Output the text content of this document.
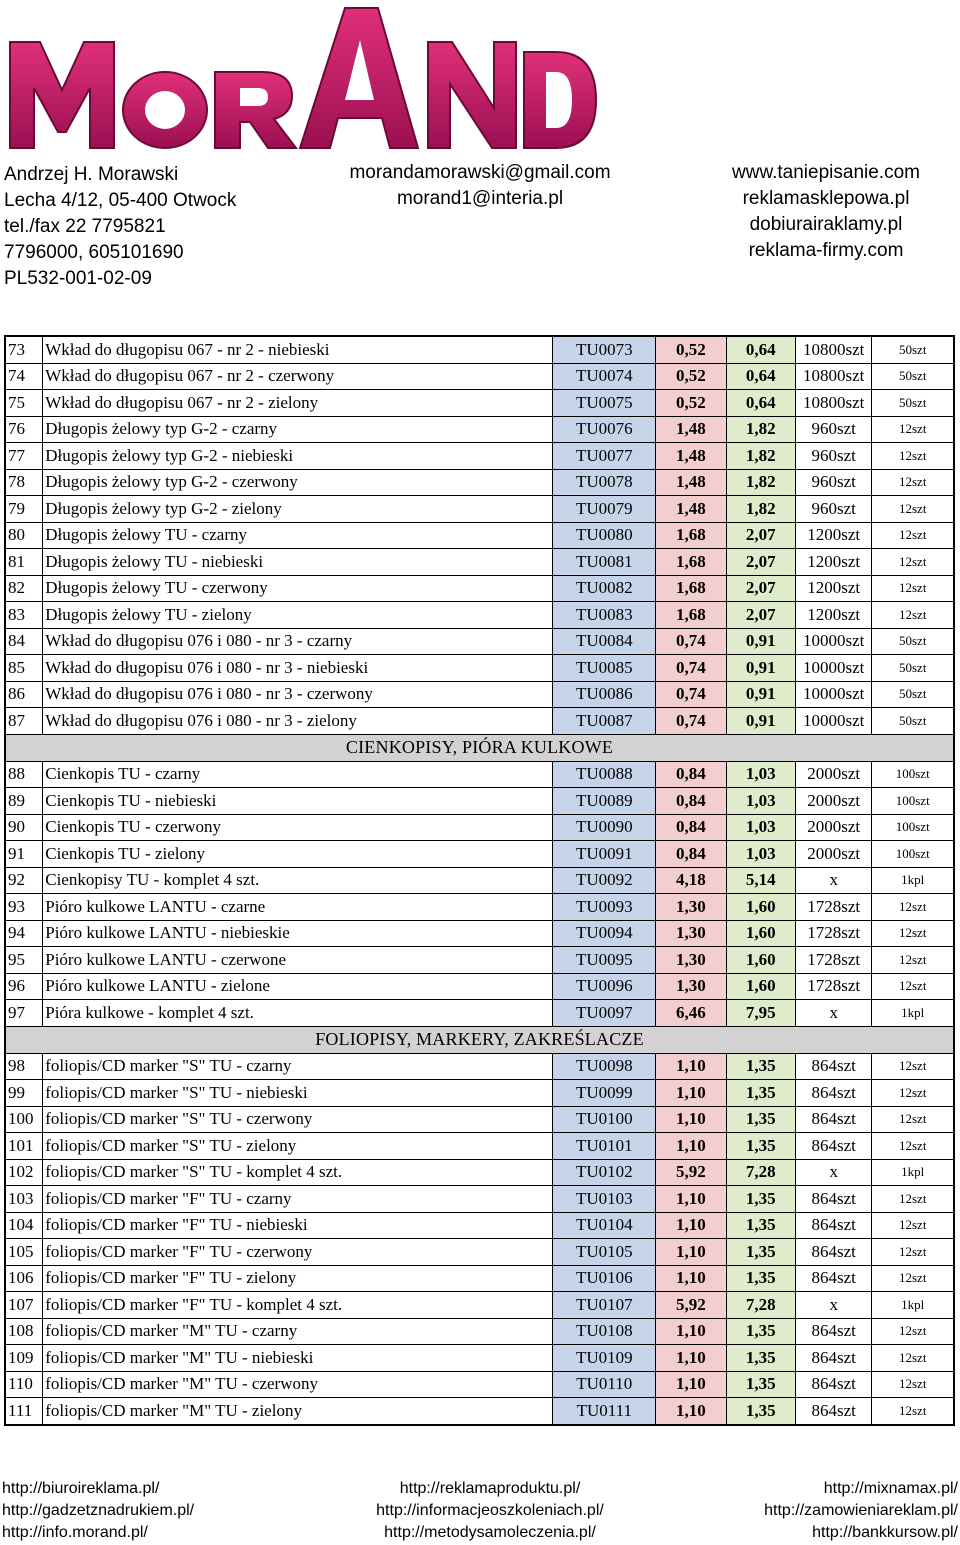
Andrzej H. Morawski
Lecha 4/12, 05-400 Otwock
tel./fax 22 7795821
7796000, 605101690
PL532-001-02-09
morandamorawski@gmail.com
morand1@interia.pl
www.taniepisanie.com
reklamasklepowa.pl
dobiurairaklamy.pl
reklama-firmy.com
73	Wkład do długopisu 067 - nr 2 - niebieski	TU0073	0,52	0,64	10800szt	50szt
74	Wkład do długopisu 067 - nr 2 - czerwony	TU0074	0,52	0,64	10800szt	50szt
75	Wkład do długopisu 067 - nr 2 - zielony	TU0075	0,52	0,64	10800szt	50szt
76	Długopis żelowy typ G-2 - czarny	TU0076	1,48	1,82	960szt	12szt
77	Długopis żelowy typ G-2 - niebieski	TU0077	1,48	1,82	960szt	12szt
78	Długopis żelowy typ G-2 - czerwony	TU0078	1,48	1,82	960szt	12szt
79	Długopis żelowy typ G-2 - zielony	TU0079	1,48	1,82	960szt	12szt
80	Długopis żelowy TU - czarny	TU0080	1,68	2,07	1200szt	12szt
81	Długopis żelowy TU - niebieski	TU0081	1,68	2,07	1200szt	12szt
82	Długopis żelowy TU - czerwony	TU0082	1,68	2,07	1200szt	12szt
83	Długopis żelowy TU - zielony	TU0083	1,68	2,07	1200szt	12szt
84	Wkład do długopisu 076 i 080 - nr 3 - czarny	TU0084	0,74	0,91	10000szt	50szt
85	Wkład do długopisu 076 i 080 - nr 3 - niebieski	TU0085	0,74	0,91	10000szt	50szt
86	Wkład do długopisu 076 i 080 - nr 3 - czerwony	TU0086	0,74	0,91	10000szt	50szt
87	Wkład do długopisu 076 i 080 - nr 3 - zielony	TU0087	0,74	0,91	10000szt	50szt
CIENKOPISY, PIÓRA KULKOWE						
88	Cienkopis TU - czarny	TU0088	0,84	1,03	2000szt	100szt
89	Cienkopis TU - niebieski	TU0089	0,84	1,03	2000szt	100szt
90	Cienkopis TU - czerwony	TU0090	0,84	1,03	2000szt	100szt
91	Cienkopis TU - zielony	TU0091	0,84	1,03	2000szt	100szt
92	Cienkopisy TU - komplet 4 szt.	TU0092	4,18	5,14	x	1kpl
93	Pióro kulkowe LANTU - czarne	TU0093	1,30	1,60	1728szt	12szt
94	Pióro kulkowe LANTU - niebieskie	TU0094	1,30	1,60	1728szt	12szt
95	Pióro kulkowe LANTU - czerwone	TU0095	1,30	1,60	1728szt	12szt
96	Pióro kulkowe LANTU - zielone	TU0096	1,30	1,60	1728szt	12szt
97	Pióra kulkowe - komplet 4 szt.	TU0097	6,46	7,95	x	1kpl
FOLIOPISY, MARKERY, ZAKREŚLACZE						
98	foliopis/CD marker "S" TU - czarny	TU0098	1,10	1,35	864szt	12szt
99	foliopis/CD marker "S" TU - niebieski	TU0099	1,10	1,35	864szt	12szt
100	foliopis/CD marker "S" TU - czerwony	TU0100	1,10	1,35	864szt	12szt
101	foliopis/CD marker "S" TU - zielony	TU0101	1,10	1,35	864szt	12szt
102	foliopis/CD marker "S" TU - komplet 4 szt.	TU0102	5,92	7,28	x	1kpl
103	foliopis/CD marker "F" TU - czarny	TU0103	1,10	1,35	864szt	12szt
104	foliopis/CD marker "F" TU - niebieski	TU0104	1,10	1,35	864szt	12szt
105	foliopis/CD marker "F" TU - czerwony	TU0105	1,10	1,35	864szt	12szt
106	foliopis/CD marker "F" TU - zielony	TU0106	1,10	1,35	864szt	12szt
107	foliopis/CD marker "F" TU - komplet 4 szt.	TU0107	5,92	7,28	x	1kpl
108	foliopis/CD marker "M" TU - czarny	TU0108	1,10	1,35	864szt	12szt
109	foliopis/CD marker "M" TU - niebieski	TU0109	1,10	1,35	864szt	12szt
110	foliopis/CD marker "M" TU - czerwony	TU0110	1,10	1,35	864szt	12szt
111	foliopis/CD marker "M" TU - zielony	TU0111	1,10	1,35	864szt	12szt
http://biuroireklama.pl/
http://gadzetznadrukiem.pl/
http://info.morand.pl/
http://reklamaproduktu.pl/
http://informacjeoszkoleniach.pl/
http://metodysamoleczenia.pl/
http://mixnamax.pl/
http://zamowieniareklam.pl/
http://bankkursow.pl/
